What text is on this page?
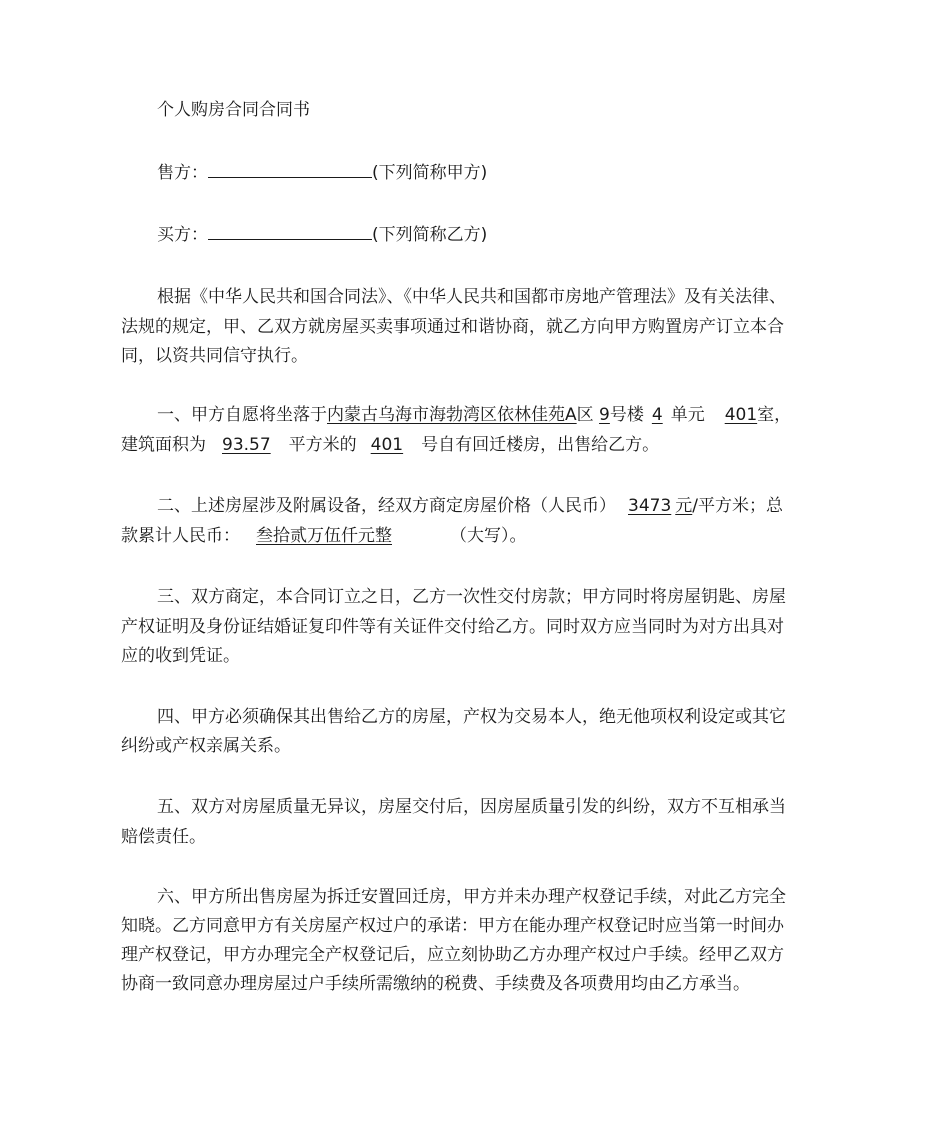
个人购房合同合同书
售方：	(下列简称甲方)
买方：	(下列简称乙方)
根据《中华人民共和国合同法》、《中华人民共和国都市房地产管理法》及有关法律、
法规的规定，甲、乙双方就房屋买卖事项通过和谐协商，就乙方向甲方购置房产订立本合
同，以资共同信守执行。
一、甲方自愿将坐落于内蒙古乌海市海勃湾区依林佳苑A区 9号楼 4 单元 401室，
建筑面积为 93.57 平方米的 401 号自有回迁楼房，出售给乙方。
二、上述房屋涉及附属设备，经双方商定房屋价格（人民币） 3473 元/平方米；总
款累计人民币： 叁拾贰万伍仟元整	（大写）。
三、双方商定，本合同订立之日，乙方一次性交付房款；甲方同时将房屋钥匙、房屋
产权证明及身份证结婚证复印件等有关证件交付给乙方。同时双方应当同时为对方出具对
应的收到凭证。
四、甲方必须确保其出售给乙方的房屋，产权为交易本人，绝无他项权利设定或其它
纠纷或产权亲属关系。
五、双方对房屋质量无异议，房屋交付后，因房屋质量引发的纠纷，双方不互相承当
赔偿责任。
六、甲方所出售房屋为拆迁安置回迁房，甲方并未办理产权登记手续，对此乙方完全
知晓。乙方同意甲方有关房屋产权过户的承诺：甲方在能办理产权登记时应当第一时间办
理产权登记，甲方办理完全产权登记后，应立刻协助乙方办理产权过户手续。经甲乙双方
协商一致同意办理房屋过户手续所需缴纳的税费、手续费及各项费用均由乙方承当。
